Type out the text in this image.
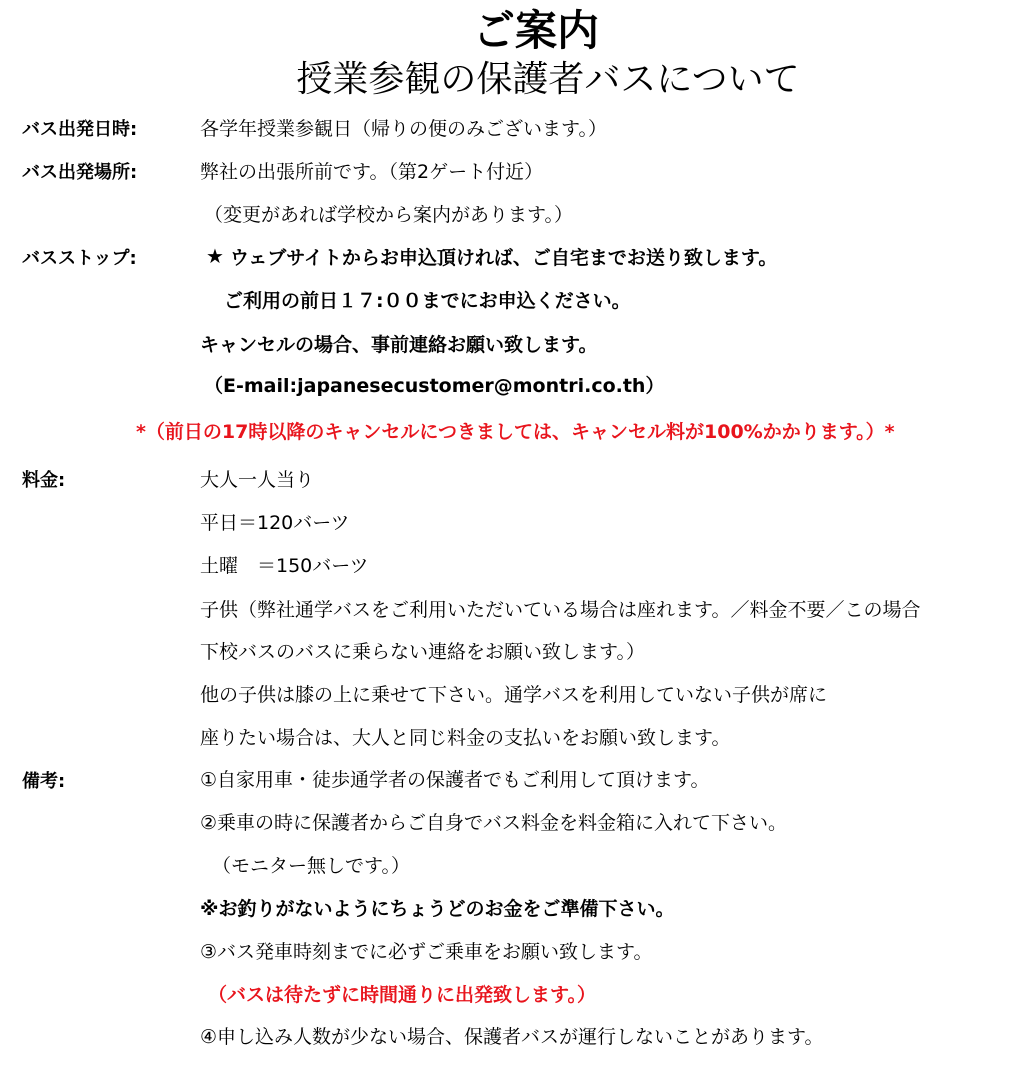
ご案内
授業参観の保護者バスについて
バス出発日時:	各学年授業参観日（帰りの便のみございます。）
バス出発場所:	弊社の出張所前です。（第2ゲート付近）
（変更があれば学校から案内があります。）
バスストップ:	★ ウェブサイトからお申込頂ければ、ご自宅までお送り致します。
ご利用の前日１７:００までにお申込ください。
キャンセルの場合、事前連絡お願い致します。
（E-mail:japanesecustomer@montri.co.th）
*（前日の17時以降のキャンセルにつきましては、キャンセル料が100%かかります。）*
料金:	大人一人当り
平日＝120バーツ
土曜　＝150バーツ
子供（弊社通学バスをご利用いただいている場合は座れます。／料金不要／この場合
下校バスのバスに乗らない連絡をお願い致します。）
他の子供は膝の上に乗せて下さい。通学バスを利用していない子供が席に
座りたい場合は、大人と同じ料金の支払いをお願い致します。
備考:	①自家用車・徒歩通学者の保護者でもご利用して頂けます。
②乗車の時に保護者からご自身でバス料金を料金箱に入れて下さい。
（モニター無しです。）
※お釣りがないようにちょうどのお金をご準備下さい。
③バス発車時刻までに必ずご乗車をお願い致します。
（バスは待たずに時間通りに出発致します。）
④申し込み人数が少ない場合、保護者バスが運行しないことがあります。
